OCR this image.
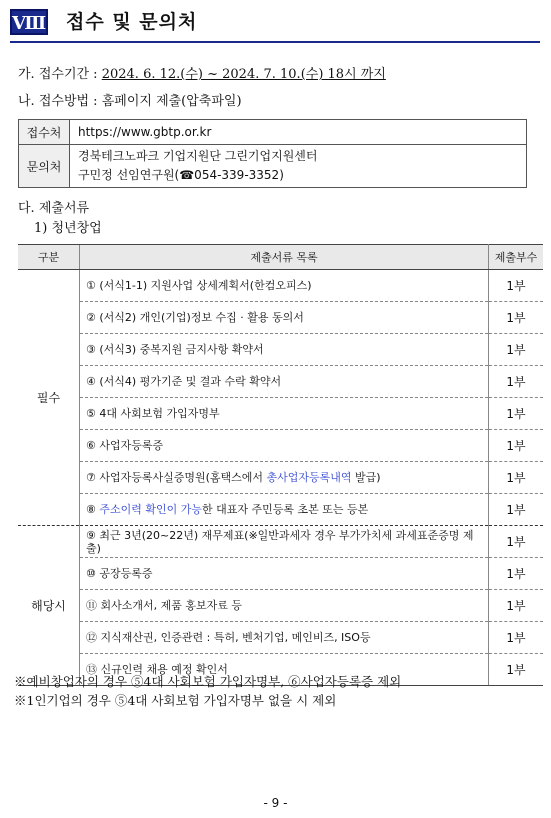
Ⅷ 접수 및 문의처
가. 접수기간 : 2024. 6. 12.(수) ~ 2024. 7. 10.(수) 18시 까지
나. 접수방법 : 홈페이지 제출(압축파일)
접수처	https://www.gbtp.or.kr
문의처	경북테크노파크 기업지원단 그린기업지원센터
구민정 선임연구원(☎054-339-3352)
다. 제출서류
1) 청년창업
구분	제출서류 목록	제출부수
필수	① (서식1-1) 지원사업 상세계획서(한컴오피스)	1부
	② (서식2) 개인(기업)정보 수집 · 활용 동의서	1부
	③ (서식3) 중복지원 금지사항 확약서	1부
	④ (서식4) 평가기준 및 결과 수락 확약서	1부
	⑤ 4대 사회보험 가입자명부	1부
	⑥ 사업자등록증	1부
	⑦ 사업자등록사실증명원(홈택스에서 총사업자등록내역 발급)	1부
	⑧ 주소이력 확인이 가능한 대표자 주민등록 초본 또는 등본	1부
해당시	⑨ 최근 3년(20~22년) 재무제표(※일반과세자 경우 부가가치세 과세표준증명 제출)	1부
	⑩ 공장등록증	1부
	⑪ 회사소개서, 제품 홍보자료 등	1부
	⑫ 지식재산권, 인증관련 : 특허, 벤처기업, 메인비즈, ISO등	1부
	⑬ 신규인력 채용 예정 확인서	1부
※예비창업자의 경우 ⑤4대 사회보험 가입자명부, ⑥사업자등록증 제외
※1인기업의 경우 ⑤4대 사회보험 가입자명부 없을 시 제외
- 9 -
